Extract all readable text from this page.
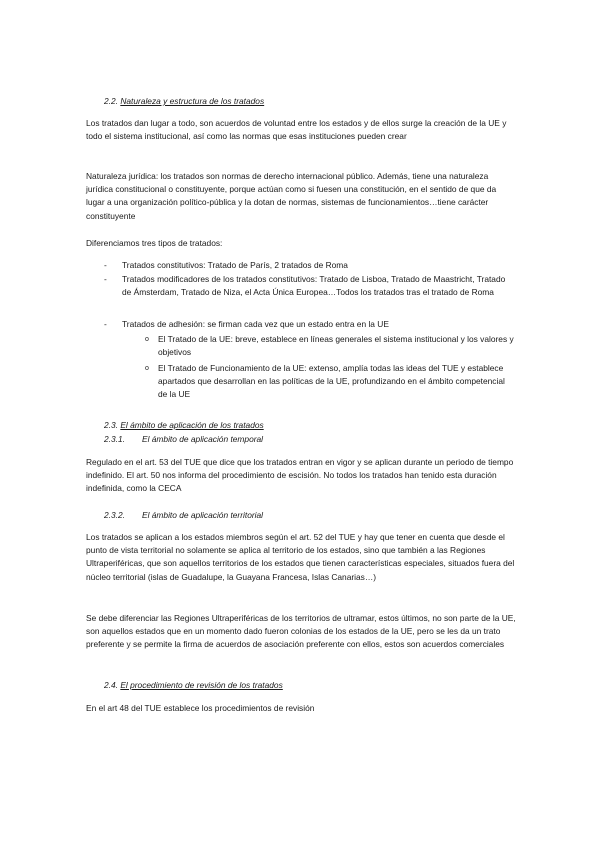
2.2. Naturaleza y estructura de los tratados

Los tratados dan lugar a todo, son acuerdos de voluntad entre los estados y de ellos surge la creación de la UE y todo el sistema institucional, así como las normas que esas instituciones pueden crear

Naturaleza jurídica: los tratados son normas de derecho internacional público. Además, tiene una naturaleza jurídica constitucional o constituyente, porque actúan como si fuesen una constitución, en el sentido de que da lugar a una organización político-pública y la dotan de normas, sistemas de funcionamientos…tiene carácter constituyente

Diferenciamos tres tipos de tratados:

- Tratados constitutivos: Tratado de París, 2 tratados de Roma
- Tratados modificadores de los tratados constitutivos: Tratado de Lisboa, Tratado de Maastricht, Tratado de Ámsterdam, Tratado de Niza, el Acta Única Europea…Todos los tratados tras el tratado de Roma
- Tratados de adhesión: se firman cada vez que un estado entra en la UE
o El Tratado de la UE: breve, establece en líneas generales el sistema institucional y los valores y objetivos
o El Tratado de Funcionamiento de la UE: extenso, amplía todas las ideas del TUE y establece apartados que desarrollan en las políticas de la UE, profundizando en el ámbito competencial de la UE
2.3. El ámbito de aplicación de los tratados
2.3.1. El ámbito de aplicación temporal

Regulado en el art. 53 del TUE que dice que los tratados entran en vigor y se aplican durante un periodo de tiempo indefinido. El art. 50 nos informa del procedimiento de escisión. No todos los tratados han tenido esta duración indefinida, como la CECA

2.3.2. El ámbito de aplicación territorial

Los tratados se aplican a los estados miembros según el art. 52 del TUE y hay que tener en cuenta que desde el punto de vista territorial no solamente se aplica al territorio de los estados, sino que también a las Regiones Ultraperiféricas, que son aquellos territorios de los estados que tienen características especiales, situados fuera del núcleo territorial (islas de Guadalupe, la Guayana Francesa, Islas Canarias…)

Se debe diferenciar las Regiones Ultraperiféricas de los territorios de ultramar, estos últimos, no son parte de la UE, son aquellos estados que en un momento dado fueron colonias de los estados de la UE, pero se les da un trato preferente y se permite la firma de acuerdos de asociación preferente con ellos, estos son acuerdos comerciales

2.4. El procedimiento de revisión de los tratados

En el art 48 del TUE establece los procedimientos de revisión
